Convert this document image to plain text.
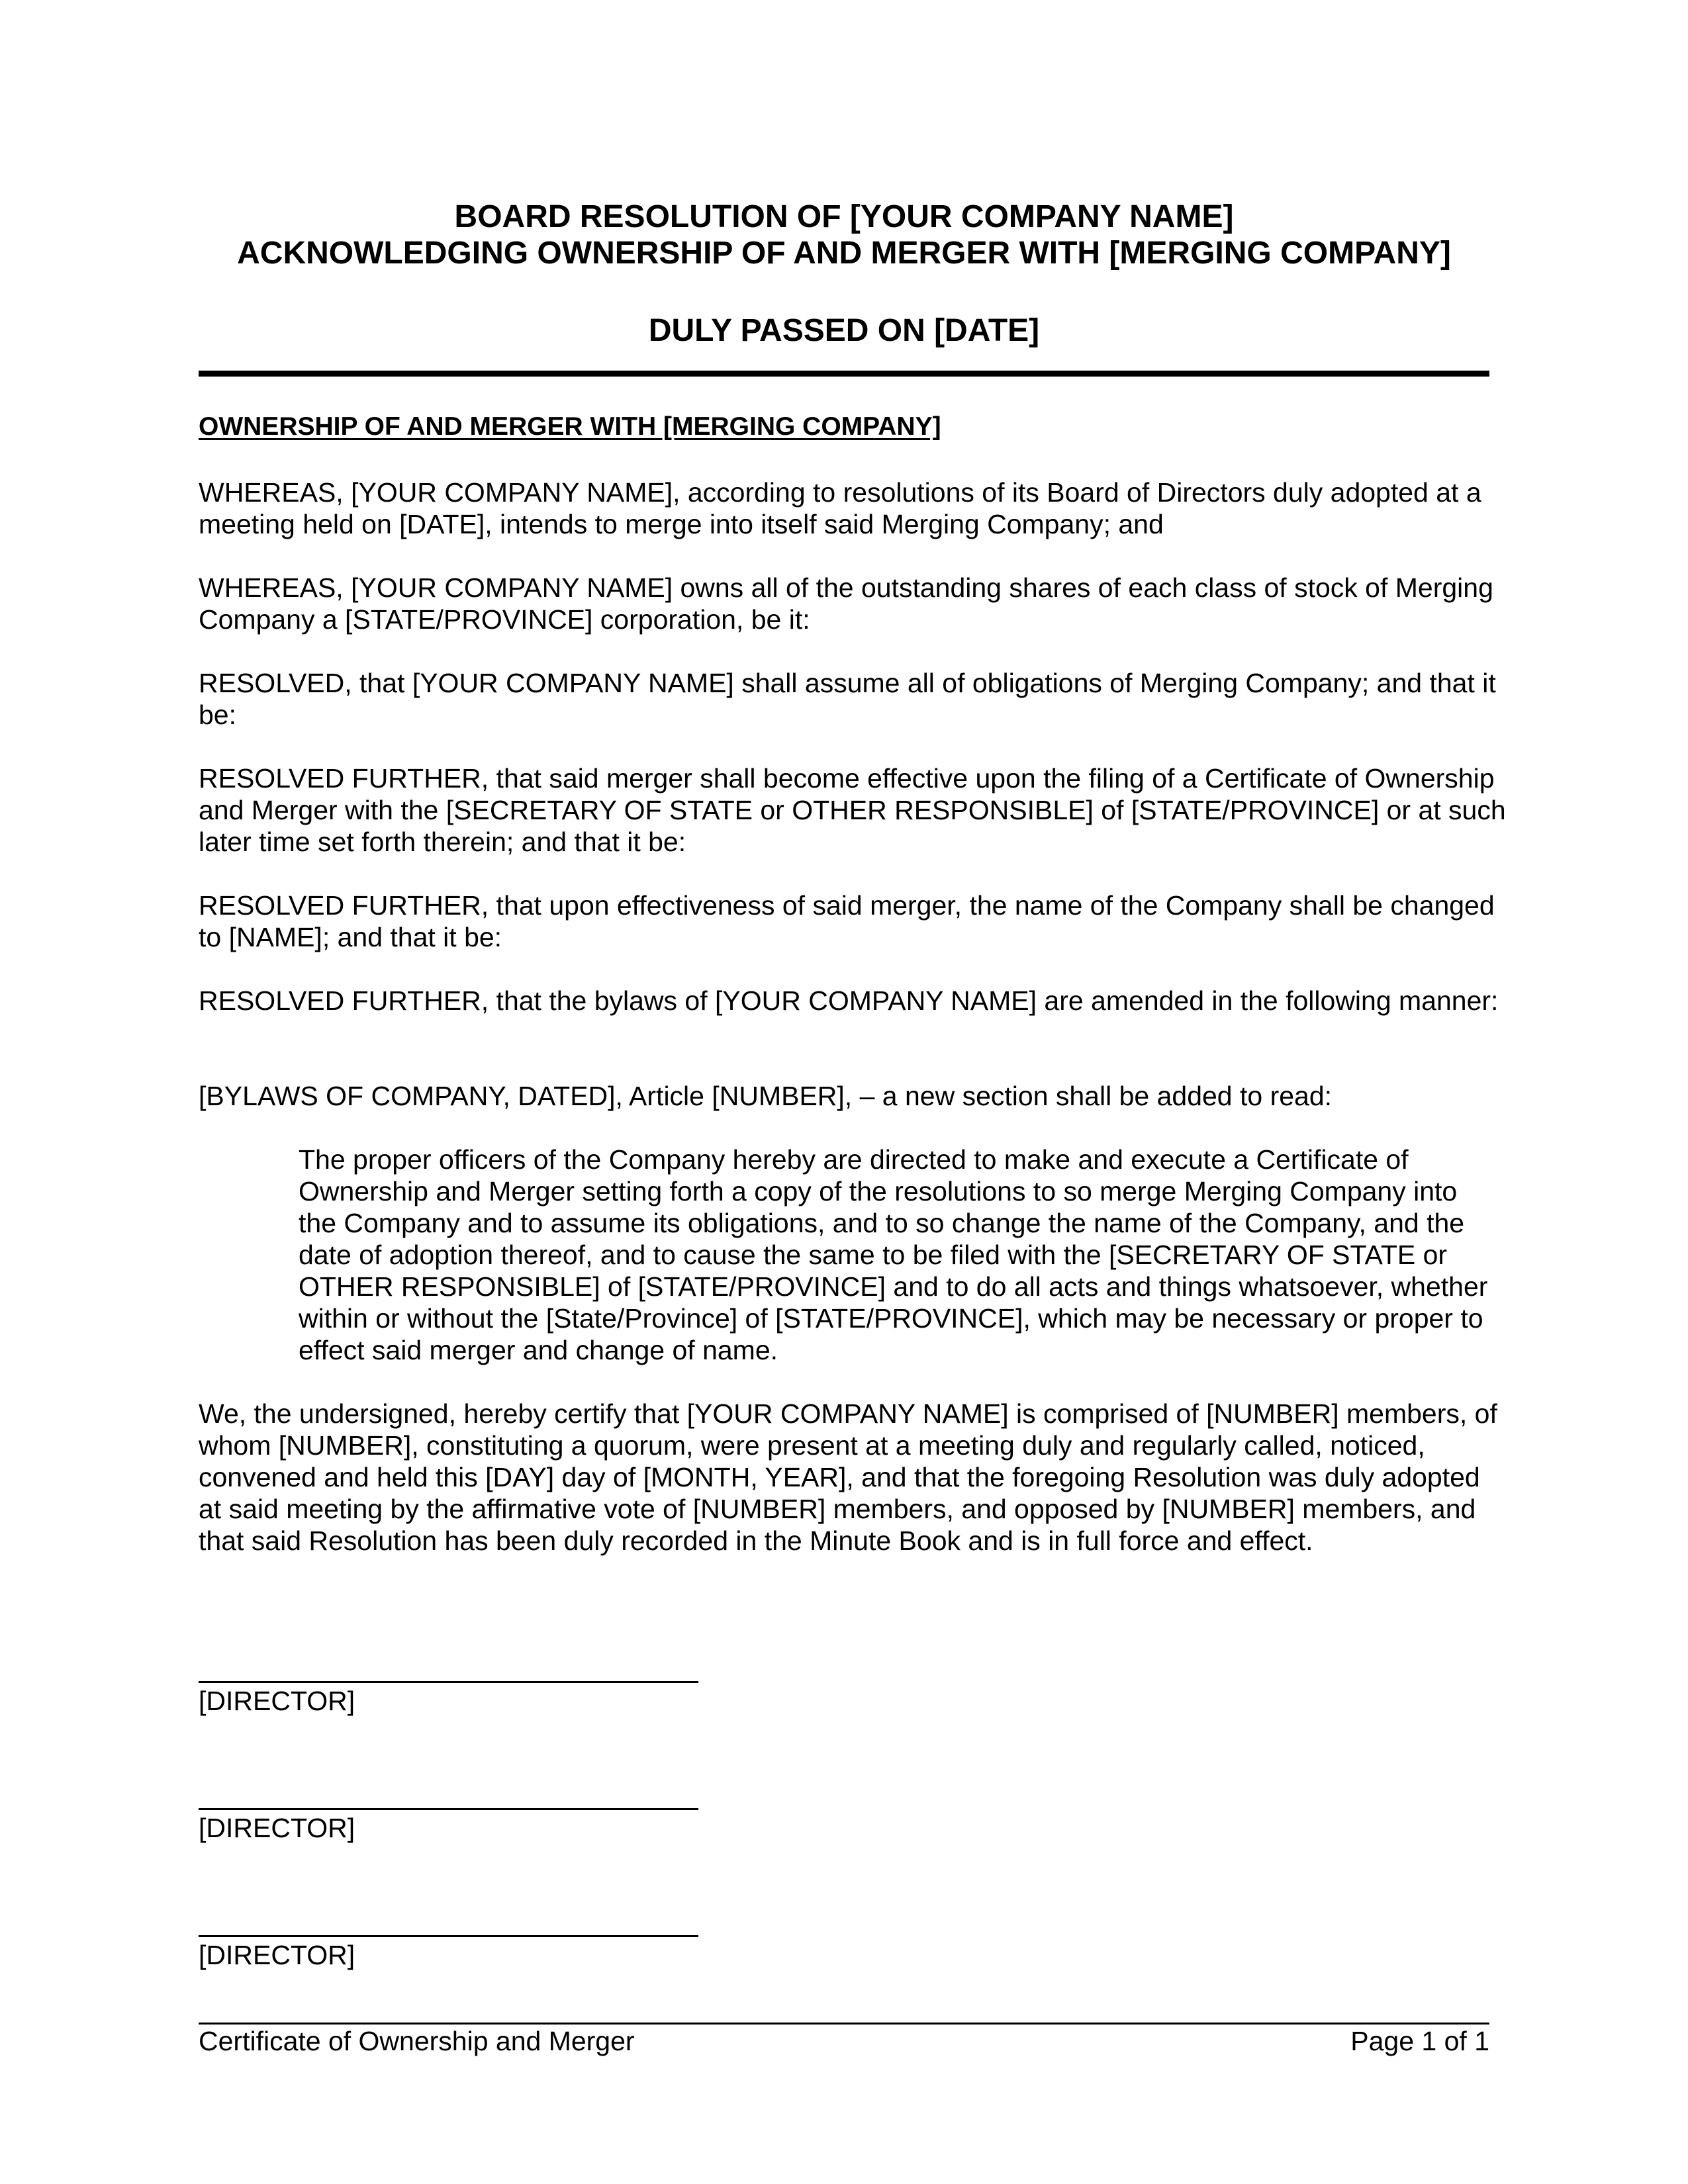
BOARD RESOLUTION OF [YOUR COMPANY NAME]
ACKNOWLEDGING OWNERSHIP OF AND MERGER WITH [MERGING COMPANY]
DULY PASSED ON [DATE]
OWNERSHIP OF AND MERGER WITH [MERGING COMPANY]

WHEREAS, [YOUR COMPANY NAME], according to resolutions of its Board of Directors duly adopted at a meeting held on [DATE], intends to merge into itself said Merging Company; and

WHEREAS, [YOUR COMPANY NAME] owns all of the outstanding shares of each class of stock of Merging Company a [STATE/PROVINCE] corporation, be it:

RESOLVED, that [YOUR COMPANY NAME] shall assume all of obligations of Merging Company; and that it be:

RESOLVED FURTHER, that said merger shall become effective upon the filing of a Certificate of Ownership and Merger with the [SECRETARY OF STATE or OTHER RESPONSIBLE] of [STATE/PROVINCE] or at such later time set forth therein; and that it be:

RESOLVED FURTHER, that upon effectiveness of said merger, the name of the Company shall be changed to [NAME]; and that it be:

RESOLVED FURTHER, that the bylaws of [YOUR COMPANY NAME] are amended in the following manner:

[BYLAWS OF COMPANY, DATED], Article [NUMBER], – a new section shall be added to read:

The proper officers of the Company hereby are directed to make and execute a Certificate of Ownership and Merger setting forth a copy of the resolutions to so merge Merging Company into the Company and to assume its obligations, and to so change the name of the Company, and the date of adoption thereof, and to cause the same to be filed with the [SECRETARY OF STATE or OTHER RESPONSIBLE] of [STATE/PROVINCE] and to do all acts and things whatsoever, whether within or without the [State/Province] of [STATE/PROVINCE], which may be necessary or proper to effect said merger and change of name.

We, the undersigned, hereby certify that [YOUR COMPANY NAME] is comprised of [NUMBER] members, of whom [NUMBER], constituting a quorum, were present at a meeting duly and regularly called, noticed, convened and held this [DAY] day of [MONTH, YEAR], and that the foregoing Resolution was duly adopted at said meeting by the affirmative vote of [NUMBER] members, and opposed by [NUMBER] members, and that said Resolution has been duly recorded in the Minute Book and is in full force and effect.

[DIRECTOR]

[DIRECTOR]

[DIRECTOR]

Certificate of Ownership and Merger	Page 1 of 1
